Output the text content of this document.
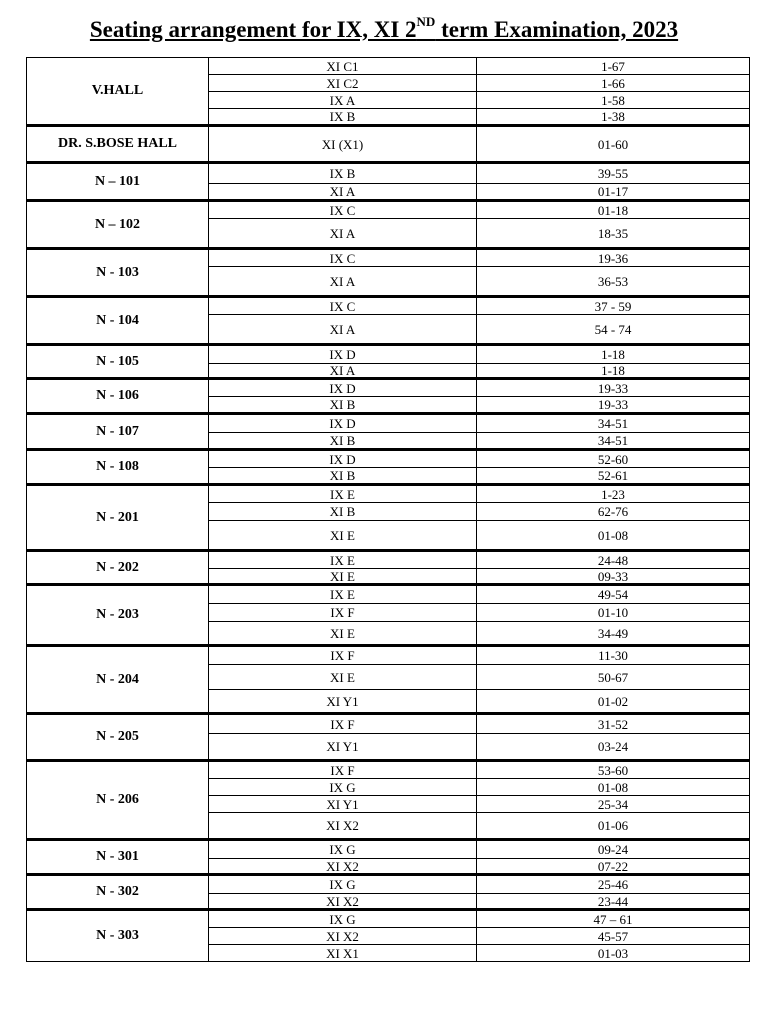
Seating arrangement for IX, XI 2ND term Examination, 2023
V.HALL	XI C1	1-67
	XI C2	1-66
	IX A	1-58
	IX B	1-38
DR. S.BOSE HALL	XI (X1)	01-60
N – 101	IX B	39-55
	XI A	01-17
N – 102	IX C	01-18
	XI A	18-35
N - 103	IX C	19-36
	XI A	36-53
N - 104	IX C	37 - 59
	XI A	54 - 74
N - 105	IX D	1-18
	XI A	1-18
N - 106	IX D	19-33
	XI B	19-33
N - 107	IX D	34-51
	XI B	34-51
N - 108	IX D	52-60
	XI B	52-61
N - 201	IX E	1-23
	XI B	62-76
	XI E	01-08
N - 202	IX E	24-48
	XI E	09-33
N - 203	IX E	49-54
	IX F	01-10
	XI E	34-49
N - 204	IX F	11-30
	XI E	50-67
	XI Y1	01-02
N - 205	IX F	31-52
	XI Y1	03-24
N - 206	IX F	53-60
	IX G	01-08
	XI Y1	25-34
	XI X2	01-06
N - 301	IX G	09-24
	XI X2	07-22
N - 302	IX G	25-46
	XI X2	23-44
N - 303	IX G	47 – 61
	XI X2	45-57
	XI X1	01-03
